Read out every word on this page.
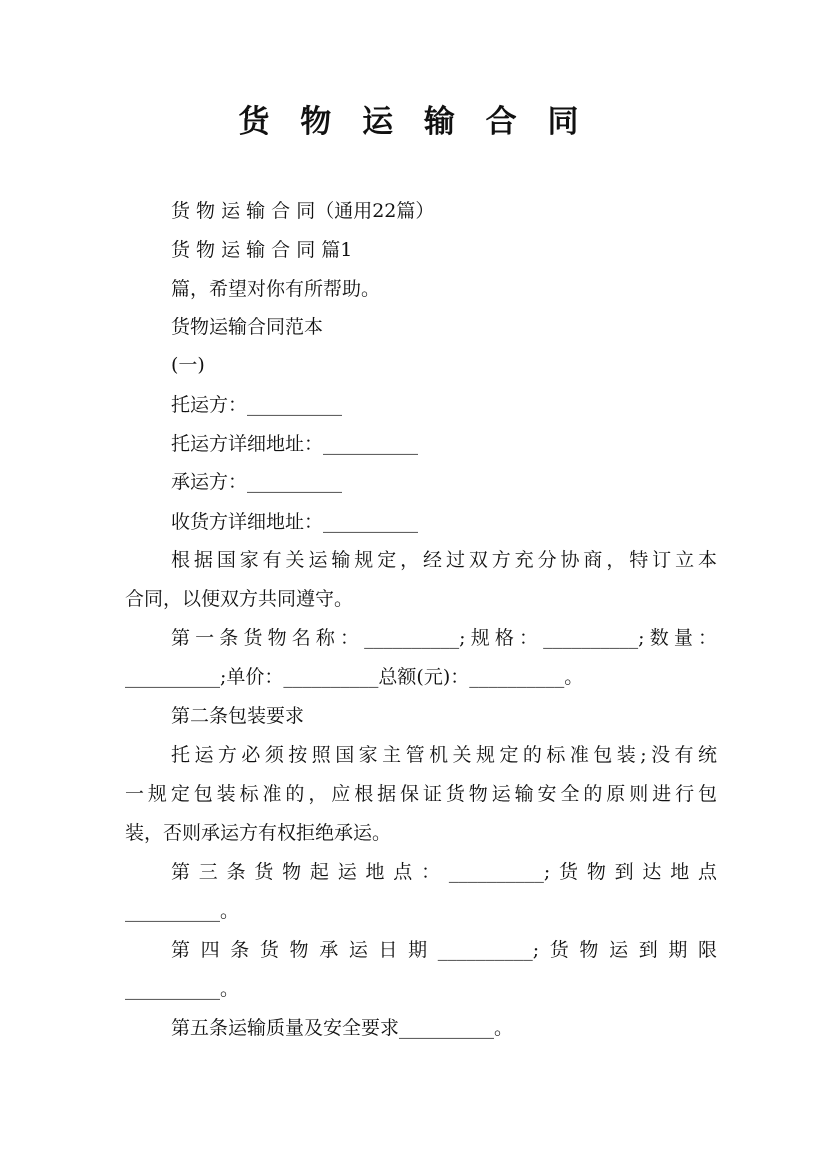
货 物 运 输 合 同
货 物 运 输 合 同（通用22篇）
货 物 运 输 合 同 篇1
篇，希望对你有所帮助。
货物运输合同范本
(一)
托运方：__________
托运方详细地址：__________
承运方：__________
收货方详细地址：__________
根据国家有关运输规定，经过双方充分协商，特订立本
合同，以便双方共同遵守。
第一条货物名称：__________;规格：__________;数量：
__________;单价：__________总额(元)：__________。
第二条包装要求
托运方必须按照国家主管机关规定的标准包装;没有统
一规定包装标准的，应根据保证货物运输安全的原则进行包
装，否则承运方有权拒绝承运。
第三条货物起运地点：__________;货物到达地点
__________。
第四条货物承运日期__________;货物运到期限
__________。
第五条运输质量及安全要求__________。
